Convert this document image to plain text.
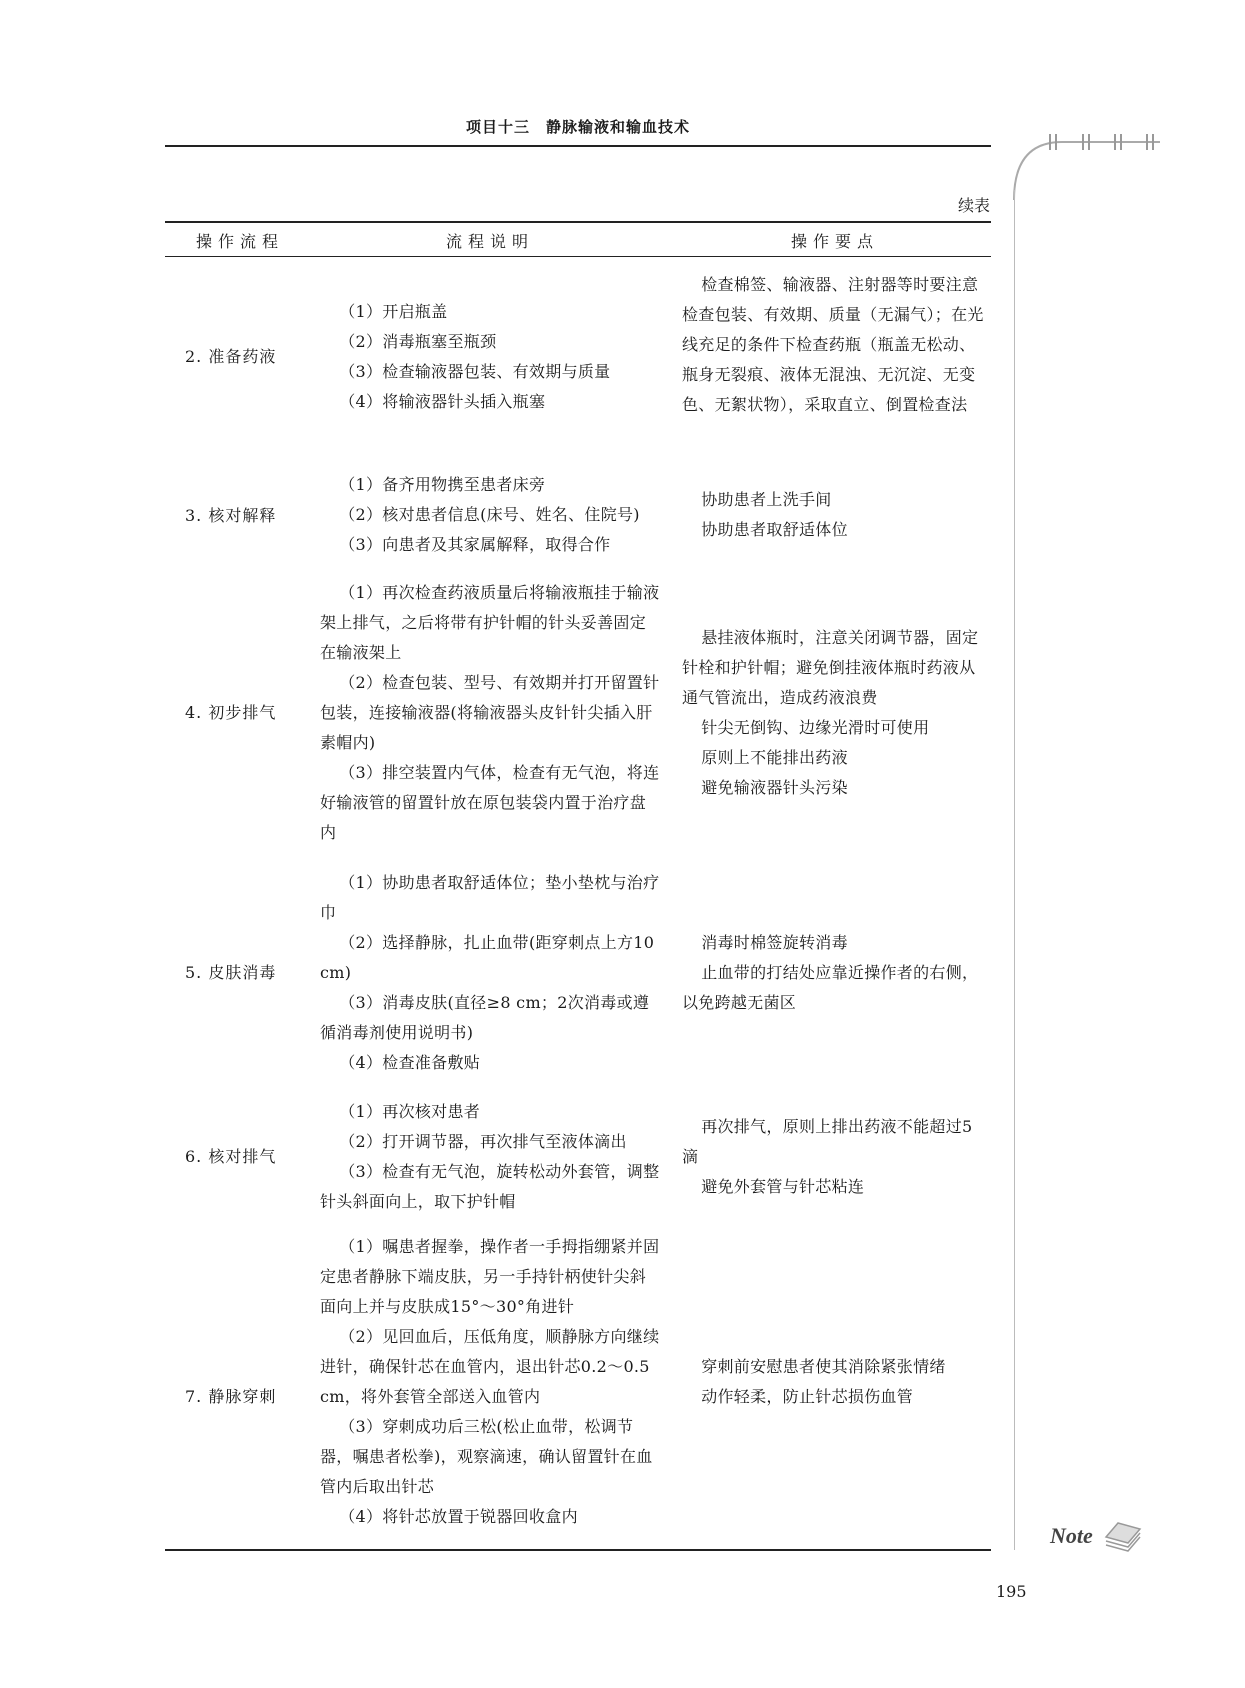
项目十三　静脉输液和输血技术
续表
操作流程	流程说明	操作要点
2. 准备药液

（1）开启瓶盖

（2）消毒瓶塞至瓶颈

（3）检查输液器包装、有效期与质量

（4）将输液器针头插入瓶塞

检查棉签、输液器、注射器等时要注意检查包装、有效期、质量（无漏气）；在光线充足的条件下检查药瓶（瓶盖无松动、瓶身无裂痕、液体无混浊、无沉淀、无变色、无絮状物），采取直立、倒置检查法

3. 核对解释

（1）备齐用物携至患者床旁

（2）核对患者信息(床号、姓名、住院号)

（3）向患者及其家属解释，取得合作

协助患者上洗手间

协助患者取舒适体位

4. 初步排气

（1）再次检查药液质量后将输液瓶挂于输液架上排气，之后将带有护针帽的针头妥善固定在输液架上

（2）检查包装、型号、有效期并打开留置针包装，连接输液器(将输液器头皮针针尖插入肝素帽内)

（3）排空装置内气体，检查有无气泡，将连好输液管的留置针放在原包装袋内置于治疗盘内

悬挂液体瓶时，注意关闭调节器，固定针栓和护针帽；避免倒挂液体瓶时药液从通气管流出，造成药液浪费

针尖无倒钩、边缘光滑时可使用

原则上不能排出药液

避免输液器针头污染

5. 皮肤消毒

（1）协助患者取舒适体位；垫小垫枕与治疗巾

（2）选择静脉，扎止血带(距穿刺点上方10 cm)

（3）消毒皮肤(直径≥8 cm；2次消毒或遵循消毒剂使用说明书)

（4）检查准备敷贴

消毒时棉签旋转消毒

止血带的打结处应靠近操作者的右侧，以免跨越无菌区

6. 核对排气

（1）再次核对患者

（2）打开调节器，再次排气至液体滴出

（3）检查有无气泡，旋转松动外套管，调整针头斜面向上，取下护针帽

再次排气，原则上排出药液不能超过5滴

避免外套管与针芯粘连

7. 静脉穿刺

（1）嘱患者握拳，操作者一手拇指绷紧并固定患者静脉下端皮肤，另一手持针柄使针尖斜面向上并与皮肤成15°～30°角进针

（2）见回血后，压低角度，顺静脉方向继续进针，确保针芯在血管内，退出针芯0.2～0.5 cm，将外套管全部送入血管内

（3）穿刺成功后三松(松止血带，松调节器，嘱患者松拳)，观察滴速，确认留置针在血管内后取出针芯

（4）将针芯放置于锐器回收盒内

穿刺前安慰患者使其消除紧张情绪

动作轻柔，防止针芯损伤血管

Note
195
